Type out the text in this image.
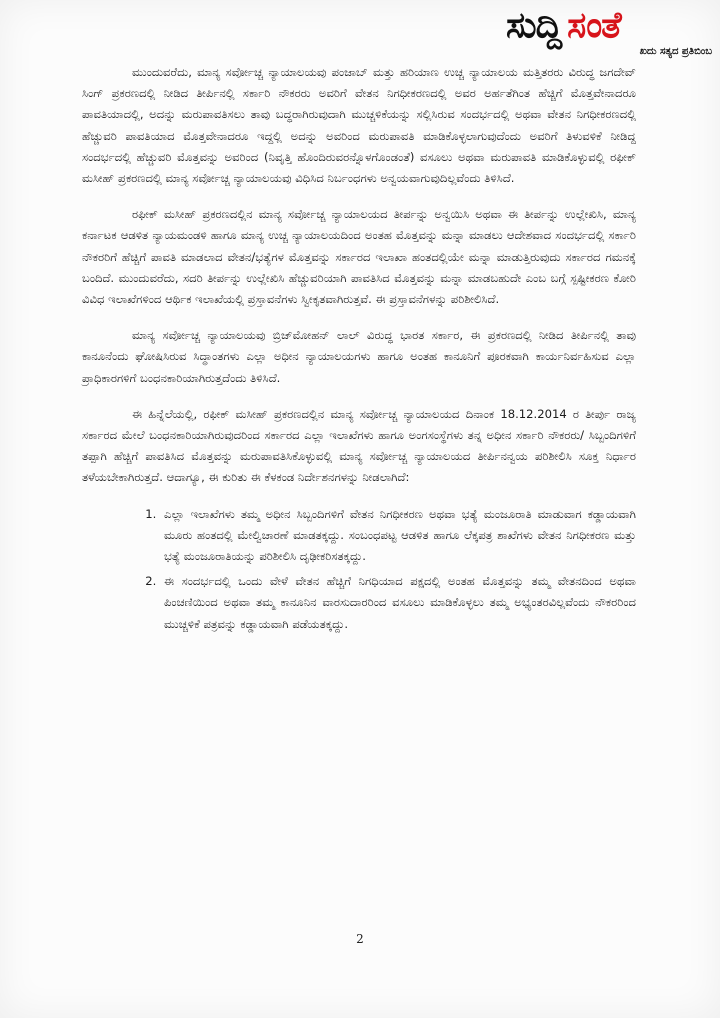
ಸುದ್ದಿ ಸಂತೆ
ಖದು ಸತ್ಯದ ಪ್ರತಿಬಿಂಬ

ಮುಂದುವರೆದು, ಮಾನ್ಯ ಸರ್ವೋಚ್ಚ ನ್ಯಾಯಾಲಯವು ಪಂಜಾಬ್ ಮತ್ತು ಹರಿಯಾಣ ಉಚ್ಚ ನ್ಯಾಯಾಲಯ ಮತ್ತಿತರರು ವಿರುದ್ಧ ಜಗದೇವ್ ಸಿಂಗ್ ಪ್ರಕರಣದಲ್ಲಿ ನೀಡಿದ ತೀರ್ಪಿನಲ್ಲಿ ಸರ್ಕಾರಿ ನೌಕರರು ಅವರಿಗೆ ವೇತನ ನಿಗಧೀಕರಣದಲ್ಲಿ ಅವರ ಅರ್ಹತೆಗಿಂತ ಹೆಚ್ಚಿಗೆ ಮೊತ್ತವೇನಾದರೂ ಪಾವತಿಯಾದಲ್ಲಿ, ಅದನ್ನು ಮರುಪಾವತಿಸಲು ತಾವು ಬದ್ಧರಾಗಿರುವುದಾಗಿ ಮುಚ್ಚಳಿಕೆಯನ್ನು ಸಲ್ಲಿಸಿರುವ ಸಂದರ್ಭದಲ್ಲಿ ಅಥವಾ ವೇತನ ನಿಗಧೀಕರಣದಲ್ಲಿ ಹೆಚ್ಚುವರಿ ಪಾವತಿಯಾದ ಮೊತ್ತವೇನಾದರೂ ಇದ್ದಲ್ಲಿ ಅದನ್ನು ಅವರಿಂದ ಮರುಪಾವತಿ ಮಾಡಿಕೊಳ್ಳಲಾಗುವುದೆಂದು ಅವರಿಗೆ ತಿಳುವಳಿಕೆ ನೀಡಿದ್ದ ಸಂದರ್ಭದಲ್ಲಿ ಹೆಚ್ಚುವರಿ ಮೊತ್ತವನ್ನು ಅವರಿಂದ (ನಿವೃತ್ತಿ ಹೊಂದಿರುವರನ್ನೊಳಗೊಂಡಂತೆ) ವಸೂಲು ಅಥವಾ ಮರುಪಾವತಿ ಮಾಡಿಕೊಳ್ಳುವಲ್ಲಿ ರಫೀಕ್ ಮಸೀಹ್ ಪ್ರಕರಣದಲ್ಲಿ ಮಾನ್ಯ ಸರ್ವೋಚ್ಚ ನ್ಯಾಯಾಲಯವು ವಿಧಿಸಿದ ನಿರ್ಬಂಧಗಳು ಅನ್ವಯವಾಗುವುದಿಲ್ಲವೆಂದು ತಿಳಿಸಿದೆ.

ರಫೀಕ್ ಮಸೀಹ್ ಪ್ರಕರಣದಲ್ಲಿನ ಮಾನ್ಯ ಸರ್ವೋಚ್ಚ ನ್ಯಾಯಾಲಯದ ತೀರ್ಪನ್ನು ಅನ್ವಯಿಸಿ ಅಥವಾ ಈ ತೀರ್ಪನ್ನು ಉಲ್ಲೇಖಿಸಿ, ಮಾನ್ಯ ಕರ್ನಾಟಕ ಆಡಳಿತ ನ್ಯಾಯಮಂಡಳಿ ಹಾಗೂ ಮಾನ್ಯ ಉಚ್ಚ ನ್ಯಾಯಾಲಯದಿಂದ ಅಂತಹ ಮೊತ್ತವನ್ನು ಮನ್ನಾ ಮಾಡಲು ಆದೇಶವಾದ ಸಂದರ್ಭದಲ್ಲಿ ಸರ್ಕಾರಿ ನೌಕರರಿಗೆ ಹೆಚ್ಚಿಗೆ ಪಾವತಿ ಮಾಡಲಾದ ವೇತನ/ಭತ್ಯೆಗಳ ಮೊತ್ತವನ್ನು ಸರ್ಕಾರದ ಇಲಾಖಾ ಹಂತದಲ್ಲಿಯೇ ಮನ್ನಾ ಮಾಡುತ್ತಿರುವುದು ಸರ್ಕಾರದ ಗಮನಕ್ಕೆ ಬಂದಿದೆ. ಮುಂದುವರೆದು, ಸದರಿ ತೀರ್ಪನ್ನು ಉಲ್ಲೇಖಿಸಿ ಹೆಚ್ಚುವರಿಯಾಗಿ ಪಾವತಿಸಿದ ಮೊತ್ತವನ್ನು ಮನ್ನಾ ಮಾಡಬಹುದೇ ಎಂಬ ಬಗ್ಗೆ ಸ್ಪಷ್ಟೀಕರಣ ಕೋರಿ ವಿವಿಧ ಇಲಾಖೆಗಳಿಂದ ಆರ್ಥಿಕ ಇಲಾಖೆಯಲ್ಲಿ ಪ್ರಸ್ತಾವನೆಗಳು ಸ್ವೀಕೃತವಾಗಿರುತ್ತವೆ. ಈ ಪ್ರಸ್ತಾವನೆಗಳನ್ನು ಪರಿಶೀಲಿಸಿದೆ.

ಮಾನ್ಯ ಸರ್ವೋಚ್ಚ ನ್ಯಾಯಾಲಯವು ಬ್ರಿಜ್‌ಮೋಹನ್ ಲಾಲ್ ವಿರುದ್ಧ ಭಾರತ ಸರ್ಕಾರ, ಈ ಪ್ರಕರಣದಲ್ಲಿ ನೀಡಿದ ತೀರ್ಪಿನಲ್ಲಿ ತಾವು ಕಾನೂನೆಂದು ಘೋಷಿಸಿರುವ ಸಿದ್ಧಾಂತಗಳು ಎಲ್ಲಾ ಅಧೀನ ನ್ಯಾಯಾಲಯಗಳು ಹಾಗೂ ಅಂತಹ ಕಾನೂನಿಗೆ ಪೂರಕವಾಗಿ ಕಾರ್ಯನಿರ್ವಹಿಸುವ ಎಲ್ಲಾ ಪ್ರಾಧಿಕಾರಗಳಿಗೆ ಬಂಧನಕಾರಿಯಾಗಿರುತ್ತದೆಂದು ತಿಳಿಸಿದೆ.

ಈ ಹಿನ್ನೆಲೆಯಲ್ಲಿ, ರಫೀಕ್ ಮಸೀಹ್ ಪ್ರಕರಣದಲ್ಲಿನ ಮಾನ್ಯ ಸರ್ವೋಚ್ಚ ನ್ಯಾಯಾಲಯದ ದಿನಾಂಕ 18.12.2014 ರ ತೀರ್ಪು ರಾಜ್ಯ ಸರ್ಕಾರದ ಮೇಲೆ ಬಂಧನಕಾರಿಯಾಗಿರುವುದರಿಂದ ಸರ್ಕಾರದ ಎಲ್ಲಾ ಇಲಾಖೆಗಳು ಹಾಗೂ ಅಂಗಸಂಸ್ಥೆಗಳು ತನ್ನ ಅಧೀನ ಸರ್ಕಾರಿ ನೌಕರರು/ ಸಿಬ್ಬಂದಿಗಳಿಗೆ ತಪ್ಪಾಗಿ ಹೆಚ್ಚಿಗೆ ಪಾವತಿಸಿದ ಮೊತ್ತವನ್ನು ಮರುಪಾವತಿಸಿಕೊಳ್ಳುವಲ್ಲಿ ಮಾನ್ಯ ಸರ್ವೋಚ್ಚ ನ್ಯಾಯಾಲಯದ ತೀರ್ಪಿನನ್ವಯ ಪರಿಶೀಲಿಸಿ ಸೂಕ್ತ ನಿರ್ಧಾರ ತಳೆಯಬೇಕಾಗಿರುತ್ತದೆ. ಆದಾಗ್ಯೂ, ಈ ಕುರಿತು ಈ ಕೆಳಕಂಡ ನಿರ್ದೇಶನಗಳನ್ನು ನೀಡಲಾಗಿದೆ:

1. ಎಲ್ಲಾ ಇಲಾಖೆಗಳು ತಮ್ಮ ಅಧೀನ ಸಿಬ್ಬಂದಿಗಳಿಗೆ ವೇತನ ನಿಗಧೀಕರಣ ಅಥವಾ ಭತ್ಯೆ ಮಂಜೂರಾತಿ ಮಾಡುವಾಗ ಕಡ್ಡಾಯವಾಗಿ ಮೂರು ಹಂತದಲ್ಲಿ ಮೇಲ್ವಿಚಾರಣೆ ಮಾಡತಕ್ಕದ್ದು. ಸಂಬಂಧಪಟ್ಟ ಆಡಳಿತ ಹಾಗೂ ಲೆಕ್ಕಪತ್ರ ಶಾಖೆಗಳು ವೇತನ ನಿಗಧೀಕರಣ ಮತ್ತು ಭತ್ಯೆ ಮಂಜೂರಾತಿಯನ್ನು ಪರಿಶೀಲಿಸಿ ದೃಢೀಕರಿಸತಕ್ಕದ್ದು.
2. ಈ ಸಂದರ್ಭದಲ್ಲಿ ಒಂದು ವೇಳೆ ವೇತನ ಹೆಚ್ಚಿಗೆ ನಿಗಧಿಯಾದ ಪಕ್ಷದಲ್ಲಿ ಅಂತಹ ಮೊತ್ತವನ್ನು ತಮ್ಮ ವೇತನದಿಂದ ಅಥವಾ ಪಿಂಚಣಿಯಿಂದ ಅಥವಾ ತಮ್ಮ ಕಾನೂನಿನ ವಾರಸುದಾರರಿಂದ ವಸೂಲು ಮಾಡಿಕೊಳ್ಳಲು ತಮ್ಮ ಅಭ್ಯಂತರವಿಲ್ಲವೆಂದು ನೌಕರರಿಂದ ಮುಚ್ಚಳಿಕೆ ಪತ್ರವನ್ನು ಕಡ್ಡಾಯವಾಗಿ ಪಡೆಯತಕ್ಕದ್ದು.
2
